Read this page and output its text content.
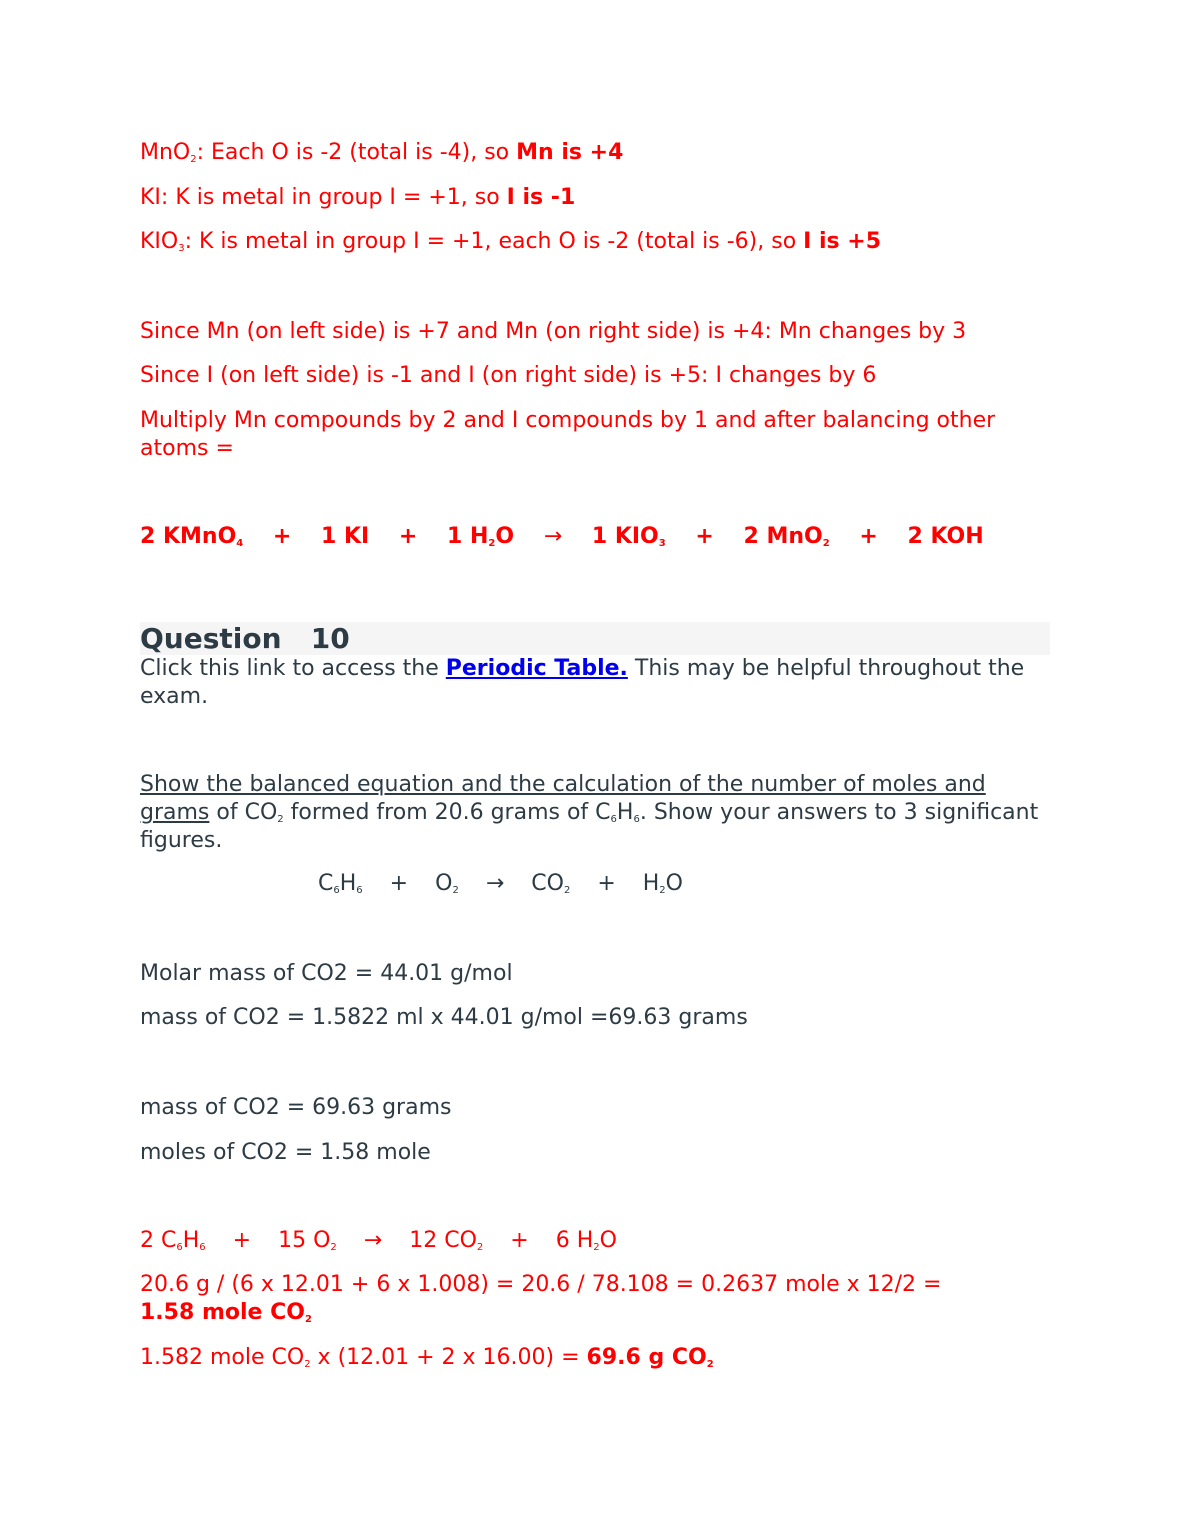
MnO$_2$: Each O is -2 (total is -4), so Mn is +4
KI: K is metal in group I = +1, so I is -1
$KIO_3$: K is metal in group I = +1, each O is -2 (total is -6), so I is +5
Since Mn (on left side) is +7 and Mn (on right side) is +4: Mn changes by 3
Since I (on left side) is -1 and I (on right side) is +5: I changes by 6
Multiply Mn compounds by 2 and I compounds by 1 and after balancing other atoms =
2 KMnO$_4$ + 1 KI + 1 $H_2O \to 1$ $KIO_3 + 2$ MnO$_2$ + 2 KOH
Question   10
Click this link to access the Periodic Table. This may be helpful throughout the exam.
Show the balanced equation and the calculation of the number of moles and grams of $CO_2$ formed from 20.6 grams of $C_6H_6$. Show your answers to 3 significant figures.
$C_6H_6 + O_2 \to CO_2 + H_2O$
Molar mass of CO2 = 44.01 g/mol
mass of CO2 = 1.5822 ml x 44.01 g/mol =69.63 grams
mass of CO2 = 69.63 grams
moles of CO2 = 1.58 mole
2 $C_6H_6 + 15$ $O_2 \to 12$ $CO_2 + 6$ $H_2O$
20.6 g / (6 x 12.01 + 6 x 1.008) = 20.6 / 78.108 = 0.2637 mole x 12/2 = 1.58 mole $CO_2$
1.582 mole $CO_2$ x (12.01 + 2 x 16.00) = 69.6 g $CO_2$
